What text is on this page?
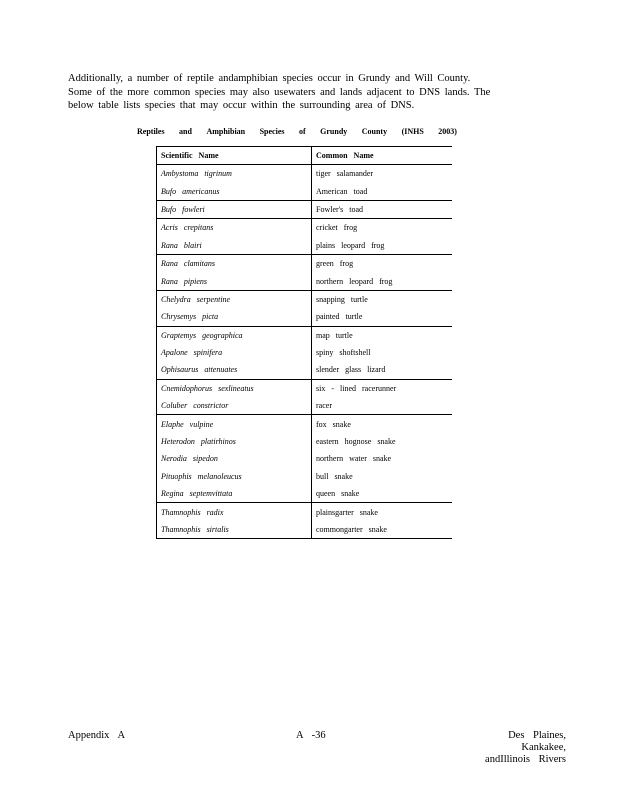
Additionally, a number of reptile andamphibian species occur in Grundy and Will County.

Some of the more common species may also usewaters and lands adjacent to DNS lands. The

below table lists species that may occur within the surrounding area of DNS.

Reptiles and Amphibian Species of Grundy County (INHS 2003)
Scientific Name	Common Name
Ambystoma tigrinum	tiger salamander
Bufo americanus	American toad
Bufo fowleri	Fowler's toad
Acris crepitans	cricket frog
Rana blairi	plains leopard frog
Rana clamitans	green frog
Rana pipiens	northern leopard frog
Chelydra serpentine	snapping turtle
Chrysemys picta	painted turtle
Graptemys geographica	map turtle
Apalone spinifera	spiny shoftshell
Ophisaurus attenuates	slender glass lizard
Cnemidophorus sexlineatus	six - lined racerunner
Coluber constrictor	racer
Elaphe vulpine	fox snake
Heterodon platirhinos	eastern hognose snake
Nerodia sipedon	northern water snake
Pituophis melanoleucus	bull snake
Regina septemvittata	queen snake
Thamnophis radix	plainsgarter snake
Thamnophis sirtalis	commongarter snake
Appendix A	A -36	Des Plaines, Kankakee,
andIllinois Rivers
